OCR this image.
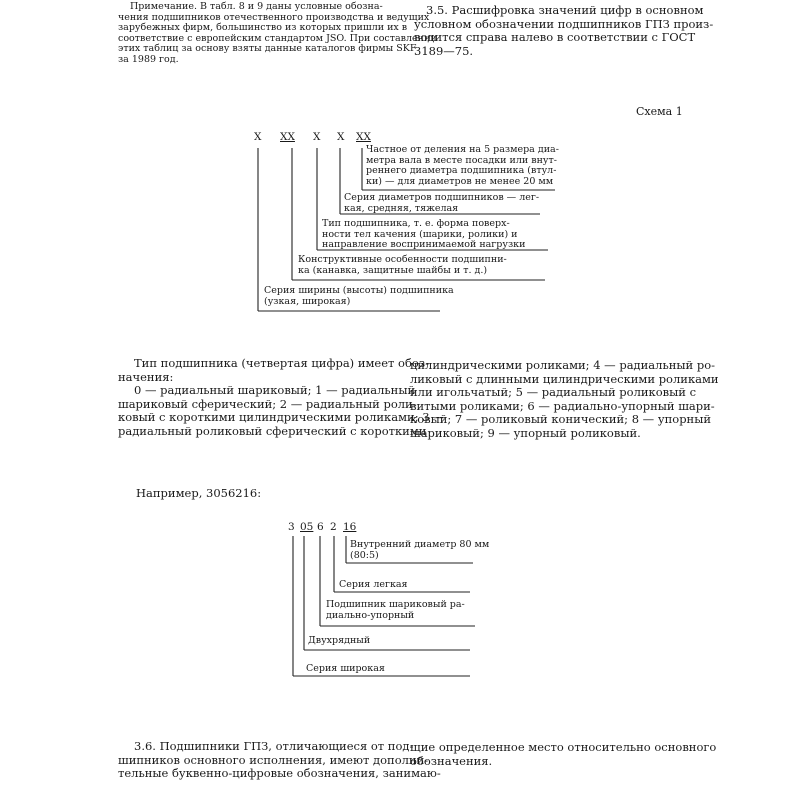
Примечание. В табл. 8 и 9 даны условные обозна-
чения подшипников отечественного производства и ведущих
зарубежных фирм, большинство из которых пришли их в
соответствие с европейским стандартом JSO. При составлении
этих таблиц за основу взяты данные каталогов фирмы SKF
за 1989 год.
3.5. Расшифровка значений цифр в основном
условном обозначении подшипников ГПЗ произ-
водится справа налево в соответствии с ГОСТ
3189—75.
Схема 1
X XX X X XX
Частное от деления на 5 размера диа-
метра вала в месте посадки или внут-
реннего диаметра подшипника (втул-
ки) — для диаметров не менее 20 мм
Серия диаметров подшипников — лег-
кая, средняя, тяжелая
Тип подшипника, т. е. форма поверх-
ности тел качения (шарики, ролики) и
направление воспринимаемой нагрузки
Конструктивные особенности подшипни-
ка (канавка, защитные шайбы и т. д.)
Серия ширины (высоты) подшипника
(узкая, широкая)
Тип подшипника (четвертая цифра) имеет обоз-
начения:
0 — радиальный шариковый; 1 — радиальный
шариковый сферический; 2 — радиальный роли-
ковый с короткими цилиндрическими роликами; 3 —
радиальный роликовый сферический с короткими
цилиндрическими роликами; 4 — радиальный ро-
ликовый с длинными цилиндрическими роликами
или игольчатый; 5 — радиальный роликовый с
витыми роликами; 6 — радиально-упорный шари-
ковый; 7 — роликовый конический; 8 — упорный
шариковый; 9 — упорный роликовый.
Например, 3056216:
3 05 6 2 16
Внутренний диаметр 80 мм
(80:5)
Серия легкая
Подшипник шариковый ра-
диально-упорный
Двухрядный
Серия широкая
3.6. Подшипники ГПЗ, отличающиеся от под-
шипников основного исполнения, имеют дополни-
тельные буквенно-цифровые обозначения, занимаю-
щие определенное место относительно основного
обозначения.
